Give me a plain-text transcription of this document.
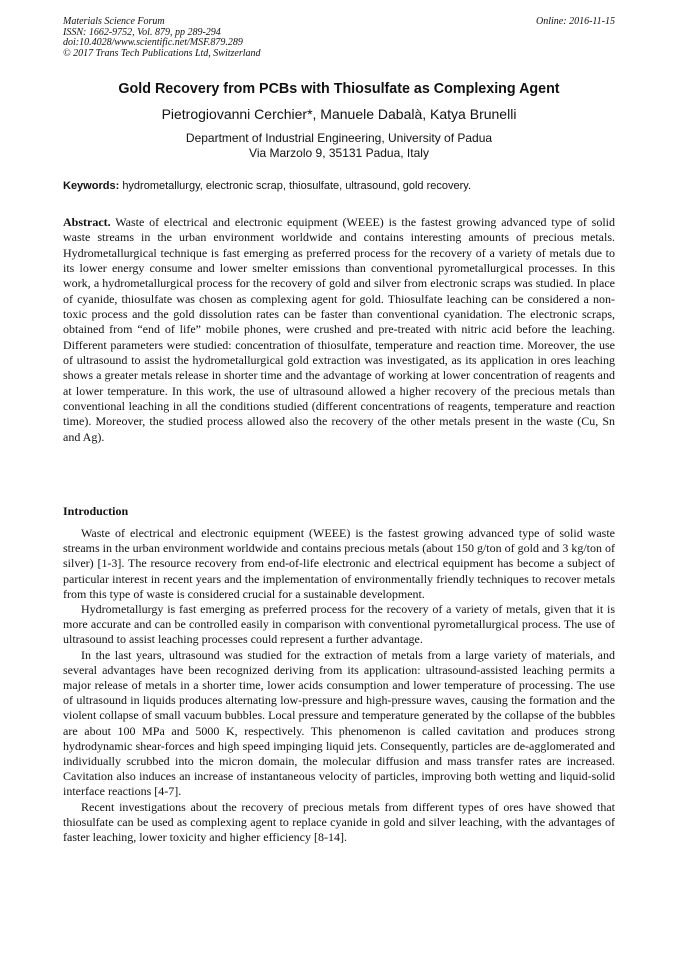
Materials Science Forum
ISSN: 1662-9752, Vol. 879, pp 289-294
doi:10.4028/www.scientific.net/MSF.879.289
© 2017 Trans Tech Publications Ltd, Switzerland
Online: 2016-11-15
Gold Recovery from PCBs with Thiosulfate as Complexing Agent
Pietrogiovanni Cerchier*, Manuele Dabalà, Katya Brunelli
Department of Industrial Engineering, University of Padua
Via Marzolo 9, 35131 Padua, Italy
Keywords: hydrometallurgy, electronic scrap, thiosulfate, ultrasound, gold recovery.
Abstract. Waste of electrical and electronic equipment (WEEE) is the fastest growing advanced type of solid waste streams in the urban environment worldwide and contains interesting amounts of precious metals. Hydrometallurgical technique is fast emerging as preferred process for the recovery of a variety of metals due to its lower energy consume and lower smelter emissions than conventional pyrometallurgical processes. In this work, a hydrometallurgical process for the recovery of gold and silver from electronic scraps was studied. In place of cyanide, thiosulfate was chosen as complexing agent for gold. Thiosulfate leaching can be considered a non-toxic process and the gold dissolution rates can be faster than conventional cyanidation. The electronic scraps, obtained from “end of life” mobile phones, were crushed and pre-treated with nitric acid before the leaching. Different parameters were studied: concentration of thiosulfate, temperature and reaction time. Moreover, the use of ultrasound to assist the hydrometallurgical gold extraction was investigated, as its application in ores leaching shows a greater metals release in shorter time and the advantage of working at lower concentration of reagents and at lower temperature. In this work, the use of ultrasound allowed a higher recovery of the precious metals than conventional leaching in all the conditions studied (different concentrations of reagents, temperature and reaction time). Moreover, the studied process allowed also the recovery of the other metals present in the waste (Cu, Sn and Ag).
Introduction

Waste of electrical and electronic equipment (WEEE) is the fastest growing advanced type of solid waste streams in the urban environment worldwide and contains precious metals (about 150 g/ton of gold and 3 kg/ton of silver) [1-3]. The resource recovery from end-of-life electronic and electrical equipment has become a subject of particular interest in recent years and the implementation of environmentally friendly techniques to recover metals from this type of waste is considered crucial for a sustainable development.

Hydrometallurgy is fast emerging as preferred process for the recovery of a variety of metals, given that it is more accurate and can be controlled easily in comparison with conventional pyrometallurgical process. The use of ultrasound to assist leaching processes could represent a further advantage.

In the last years, ultrasound was studied for the extraction of metals from a large variety of materials, and several advantages have been recognized deriving from its application: ultrasound-assisted leaching permits a major release of metals in a shorter time, lower acids consumption and lower temperature of processing. The use of ultrasound in liquids produces alternating low-pressure and high-pressure waves, causing the formation and the violent collapse of small vacuum bubbles. Local pressure and temperature generated by the collapse of the bubbles are about 100 MPa and 5000 K, respectively. This phenomenon is called cavitation and produces strong hydrodynamic shear-forces and high speed impinging liquid jets. Consequently, particles are de-agglomerated and individually scrubbed into the micron domain, the molecular diffusion and mass transfer rates are increased. Cavitation also induces an increase of instantaneous velocity of particles, improving both wetting and liquid-solid interface reactions [4-7].

Recent investigations about the recovery of precious metals from different types of ores have showed that thiosulfate can be used as complexing agent to replace cyanide in gold and silver leaching, with the advantages of faster leaching, lower toxicity and higher efficiency [8-14].
